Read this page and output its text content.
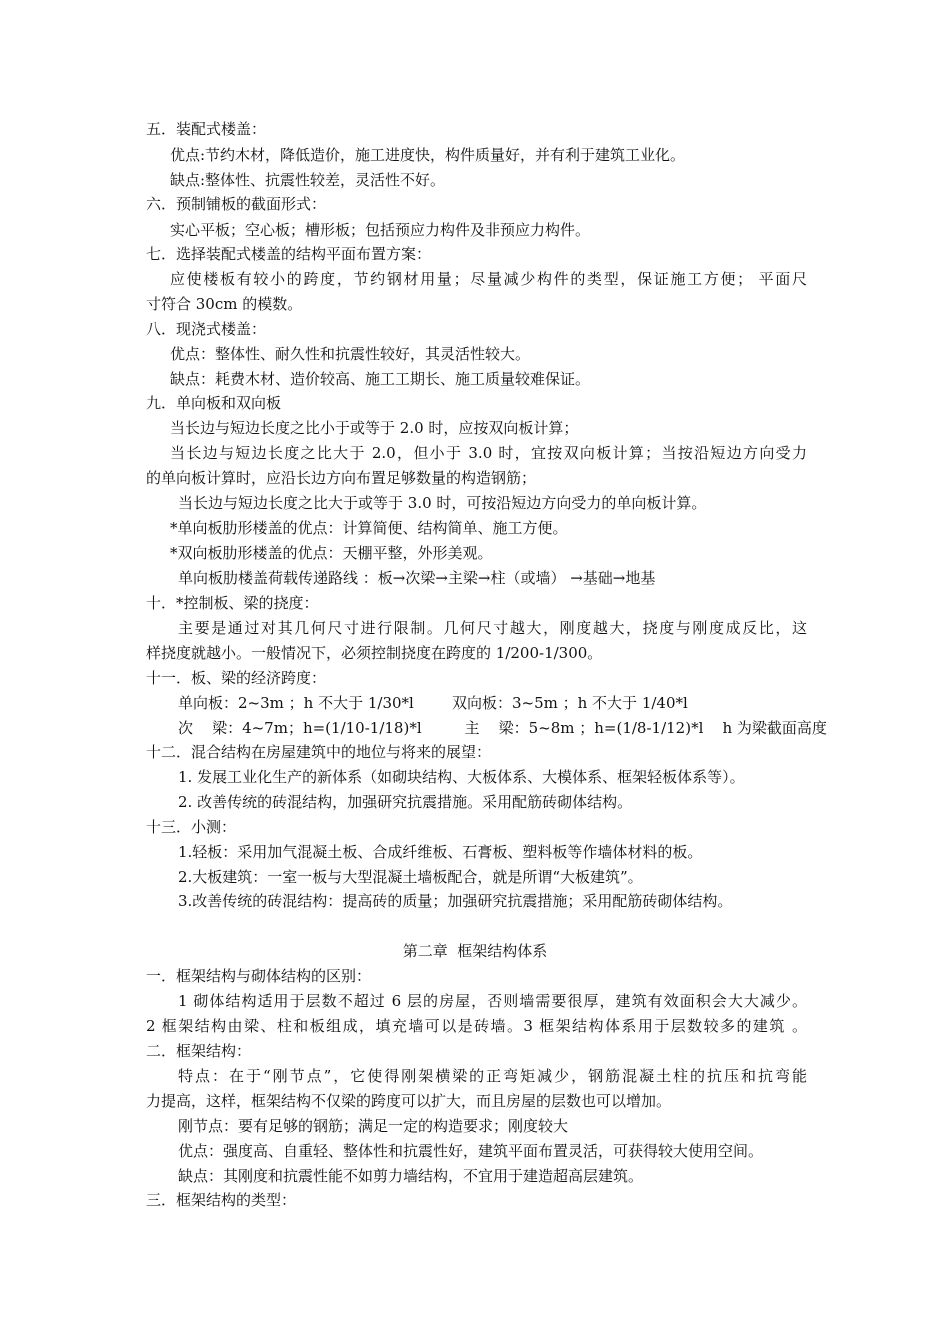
五．装配式楼盖：
优点:节约木材，降低造价，施工进度快，构件质量好，并有利于建筑工业化。
缺点:整体性、抗震性较差，灵活性不好。
六．预制铺板的截面形式：
实心平板；空心板；槽形板；包括预应力构件及非预应力构件。
七．选择装配式楼盖的结构平面布置方案：
应使楼板有较小的跨度，节约钢材用量；尽量减少构件的类型，保证施工方便； 平面尺
寸符合 30cm 的模数。
八．现浇式楼盖：
优点：整体性、耐久性和抗震性较好，其灵活性较大。
缺点：耗费木材、造价较高、施工工期长、施工质量较难保证。
九．单向板和双向板
当长边与短边长度之比小于或等于 2.0 时，应按双向板计算；
当长边与短边长度之比大于 2.0，但小于 3.0 时，宜按双向板计算；当按沿短边方向受力
的单向板计算时，应沿长边方向布置足够数量的构造钢筋；
当长边与短边长度之比大于或等于 3.0 时，可按沿短边方向受力的单向板计算。
*单向板肋形楼盖的优点：计算简便、结构简单、施工方便。
*双向板肋形楼盖的优点：天棚平整，外形美观。
单向板肋楼盖荷载传递路线 ：板→次梁→主梁→柱（或墙） →基础→地基
十．*控制板、梁的挠度：
主要是通过对其几何尺寸进行限制。几何尺寸越大，刚度越大，挠度与刚度成反比，这
样挠度就越小。一般情况下，必须控制挠度在跨度的 1/200-1/300。
十一．板、梁的经济跨度：
单向板：2~3m ；h 不大于 1/30*l        双向板：3~5m ；h 不大于 1/40*l
次    梁：4~7m；h=(1/10-1/18)*l         主    梁：5~8m ；h=(1/8-1/12)*l    h 为梁截面高度
十二．混合结构在房屋建筑中的地位与将来的展望：
1. 发展工业化生产的新体系（如砌块结构、大板体系、大模体系、框架轻板体系等）。
2. 改善传统的砖混结构，加强研究抗震措施。采用配筋砖砌体结构。
十三．小测：
1.轻板：采用加气混凝土板、合成纤维板、石膏板、塑料板等作墙体材料的板。
2.大板建筑：一室一板与大型混凝土墙板配合，就是所谓“大板建筑”。
3.改善传统的砖混结构：提高砖的质量；加强研究抗震措施；采用配筋砖砌体结构。
第二章  框架结构体系
一．框架结构与砌体结构的区别：
1 砌体结构适用于层数不超过 6 层的房屋，否则墙需要很厚，建筑有效面积会大大减少。
2 框架结构由梁、柱和板组成，填充墙可以是砖墙。3 框架结构体系用于层数较多的建筑 。
二．框架结构：
特点：在于“刚节点”，它使得刚架横梁的正弯矩减少，钢筋混凝土柱的抗压和抗弯能
力提高，这样，框架结构不仅梁的跨度可以扩大，而且房屋的层数也可以增加。
刚节点：要有足够的钢筋；满足一定的构造要求；刚度较大
优点：强度高、自重轻、整体性和抗震性好，建筑平面布置灵活，可获得较大使用空间。
缺点：其刚度和抗震性能不如剪力墙结构，不宜用于建造超高层建筑。
三．框架结构的类型：
